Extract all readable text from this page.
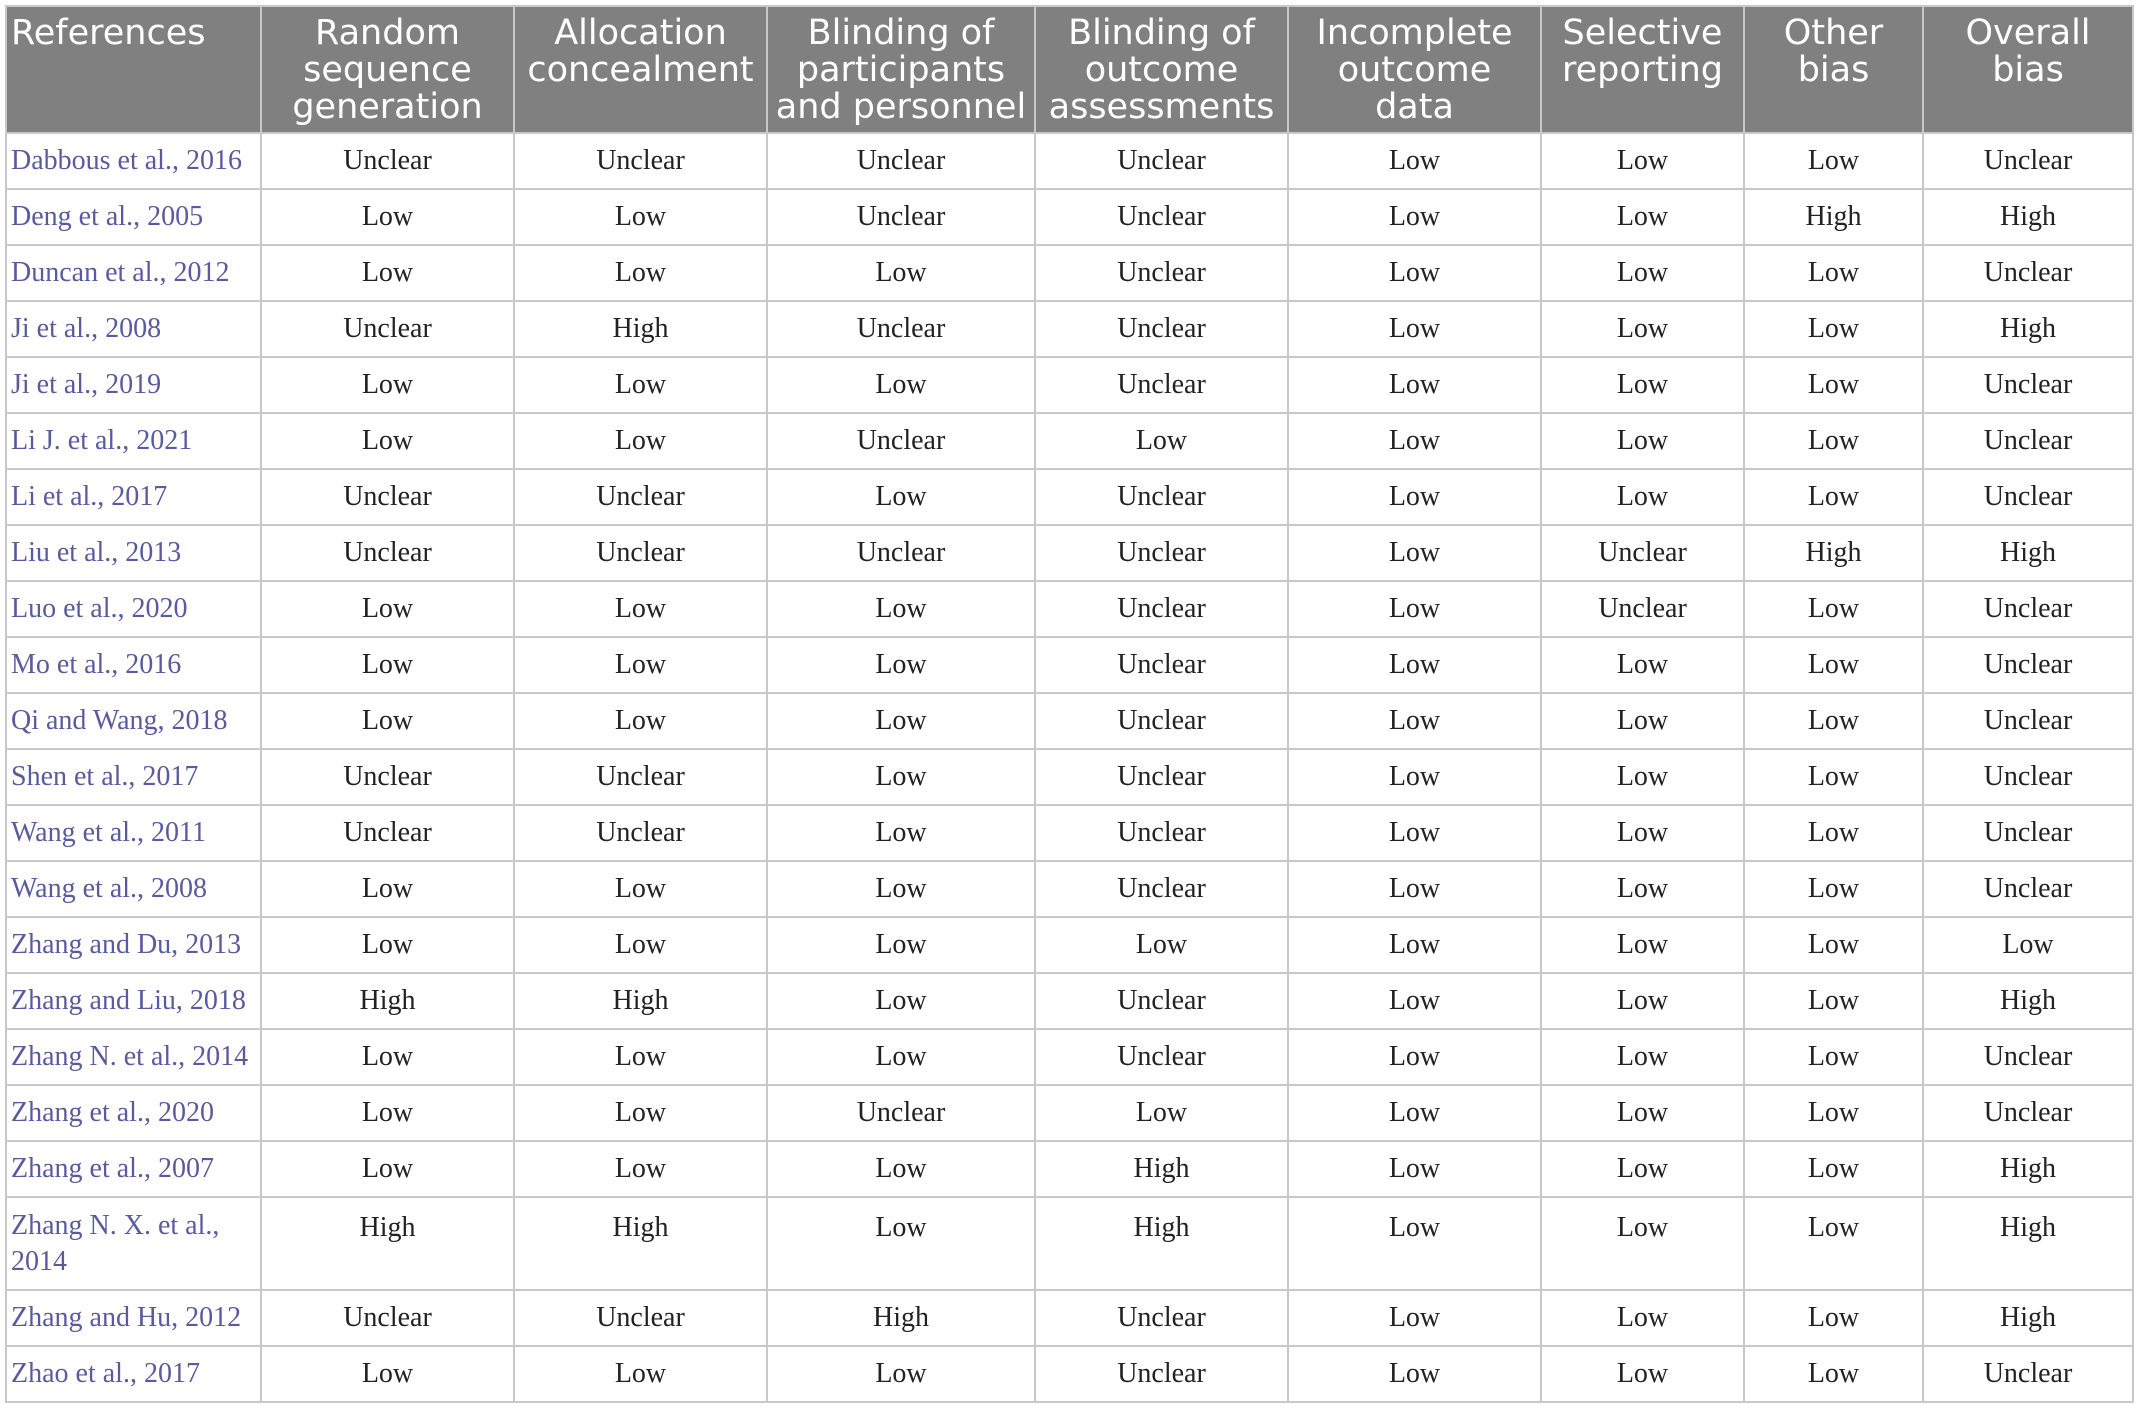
References	Random sequence generation	Allocation concealment	Blinding of participants and personnel	Blinding of outcome assessments	Incomplete outcome data	Selective reporting	Other bias	Overall bias
Dabbous et al., 2016	Unclear	Unclear	Unclear	Unclear	Low	Low	Low	Unclear
Deng et al., 2005	Low	Low	Unclear	Unclear	Low	Low	High	High
Duncan et al., 2012	Low	Low	Low	Unclear	Low	Low	Low	Unclear
Ji et al., 2008	Unclear	High	Unclear	Unclear	Low	Low	Low	High
Ji et al., 2019	Low	Low	Low	Unclear	Low	Low	Low	Unclear
Li J. et al., 2021	Low	Low	Unclear	Low	Low	Low	Low	Unclear
Li et al., 2017	Unclear	Unclear	Low	Unclear	Low	Low	Low	Unclear
Liu et al., 2013	Unclear	Unclear	Unclear	Unclear	Low	Unclear	High	High
Luo et al., 2020	Low	Low	Low	Unclear	Low	Unclear	Low	Unclear
Mo et al., 2016	Low	Low	Low	Unclear	Low	Low	Low	Unclear
Qi and Wang, 2018	Low	Low	Low	Unclear	Low	Low	Low	Unclear
Shen et al., 2017	Unclear	Unclear	Low	Unclear	Low	Low	Low	Unclear
Wang et al., 2011	Unclear	Unclear	Low	Unclear	Low	Low	Low	Unclear
Wang et al., 2008	Low	Low	Low	Unclear	Low	Low	Low	Unclear
Zhang and Du, 2013	Low	Low	Low	Low	Low	Low	Low	Low
Zhang and Liu, 2018	High	High	Low	Unclear	Low	Low	Low	High
Zhang N. et al., 2014	Low	Low	Low	Unclear	Low	Low	Low	Unclear
Zhang et al., 2020	Low	Low	Unclear	Low	Low	Low	Low	Unclear
Zhang et al., 2007	Low	Low	Low	High	Low	Low	Low	High
Zhang N. X. et al., 2014	High	High	Low	High	Low	Low	Low	High
Zhang and Hu, 2012	Unclear	Unclear	High	Unclear	Low	Low	Low	High
Zhao et al., 2017	Low	Low	Low	Unclear	Low	Low	Low	Unclear
